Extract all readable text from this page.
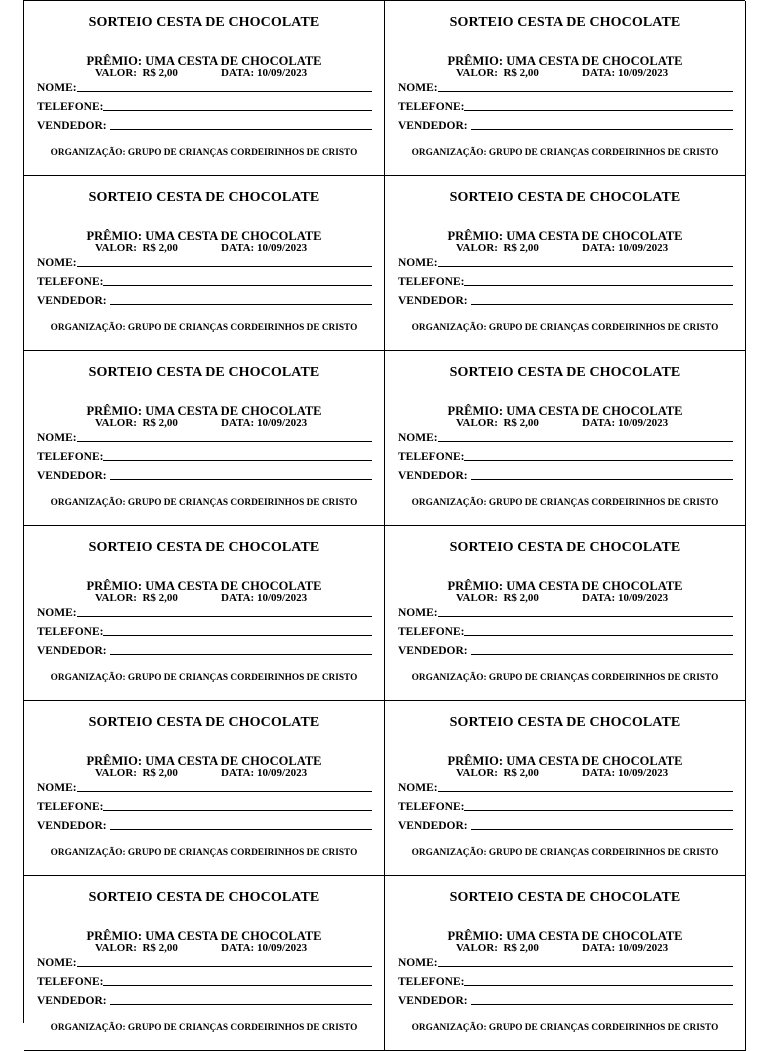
SORTEIO CESTA DE CHOCOLATE
PRÊMIO: UMA CESTA DE CHOCOLATE
VALOR: R$ 2,00	DATA: 10/09/2023
NOME:
TELEFONE:
VENDEDOR:
ORGANIZAÇÃO: GRUPO DE CRIANÇAS CORDEIRINHOS DE CRISTO
SORTEIO CESTA DE CHOCOLATE
PRÊMIO: UMA CESTA DE CHOCOLATE
VALOR: R$ 2,00	DATA: 10/09/2023
NOME:
TELEFONE:
VENDEDOR:
ORGANIZAÇÃO: GRUPO DE CRIANÇAS CORDEIRINHOS DE CRISTO
SORTEIO CESTA DE CHOCOLATE
PRÊMIO: UMA CESTA DE CHOCOLATE
VALOR: R$ 2,00	DATA: 10/09/2023
NOME:
TELEFONE:
VENDEDOR:
ORGANIZAÇÃO: GRUPO DE CRIANÇAS CORDEIRINHOS DE CRISTO
SORTEIO CESTA DE CHOCOLATE
PRÊMIO: UMA CESTA DE CHOCOLATE
VALOR: R$ 2,00	DATA: 10/09/2023
NOME:
TELEFONE:
VENDEDOR:
ORGANIZAÇÃO: GRUPO DE CRIANÇAS CORDEIRINHOS DE CRISTO
SORTEIO CESTA DE CHOCOLATE
PRÊMIO: UMA CESTA DE CHOCOLATE
VALOR: R$ 2,00	DATA: 10/09/2023
NOME:
TELEFONE:
VENDEDOR:
ORGANIZAÇÃO: GRUPO DE CRIANÇAS CORDEIRINHOS DE CRISTO
SORTEIO CESTA DE CHOCOLATE
PRÊMIO: UMA CESTA DE CHOCOLATE
VALOR: R$ 2,00	DATA: 10/09/2023
NOME:
TELEFONE:
VENDEDOR:
ORGANIZAÇÃO: GRUPO DE CRIANÇAS CORDEIRINHOS DE CRISTO
SORTEIO CESTA DE CHOCOLATE
PRÊMIO: UMA CESTA DE CHOCOLATE
VALOR: R$ 2,00	DATA: 10/09/2023
NOME:
TELEFONE:
VENDEDOR:
ORGANIZAÇÃO: GRUPO DE CRIANÇAS CORDEIRINHOS DE CRISTO
SORTEIO CESTA DE CHOCOLATE
PRÊMIO: UMA CESTA DE CHOCOLATE
VALOR: R$ 2,00	DATA: 10/09/2023
NOME:
TELEFONE:
VENDEDOR:
ORGANIZAÇÃO: GRUPO DE CRIANÇAS CORDEIRINHOS DE CRISTO
SORTEIO CESTA DE CHOCOLATE
PRÊMIO: UMA CESTA DE CHOCOLATE
VALOR: R$ 2,00	DATA: 10/09/2023
NOME:
TELEFONE:
VENDEDOR:
ORGANIZAÇÃO: GRUPO DE CRIANÇAS CORDEIRINHOS DE CRISTO
SORTEIO CESTA DE CHOCOLATE
PRÊMIO: UMA CESTA DE CHOCOLATE
VALOR: R$ 2,00	DATA: 10/09/2023
NOME:
TELEFONE:
VENDEDOR:
ORGANIZAÇÃO: GRUPO DE CRIANÇAS CORDEIRINHOS DE CRISTO
SORTEIO CESTA DE CHOCOLATE
PRÊMIO: UMA CESTA DE CHOCOLATE
VALOR: R$ 2,00	DATA: 10/09/2023
NOME:
TELEFONE:
VENDEDOR:
ORGANIZAÇÃO: GRUPO DE CRIANÇAS CORDEIRINHOS DE CRISTO
SORTEIO CESTA DE CHOCOLATE
PRÊMIO: UMA CESTA DE CHOCOLATE
VALOR: R$ 2,00	DATA: 10/09/2023
NOME:
TELEFONE:
VENDEDOR:
ORGANIZAÇÃO: GRUPO DE CRIANÇAS CORDEIRINHOS DE CRISTO
